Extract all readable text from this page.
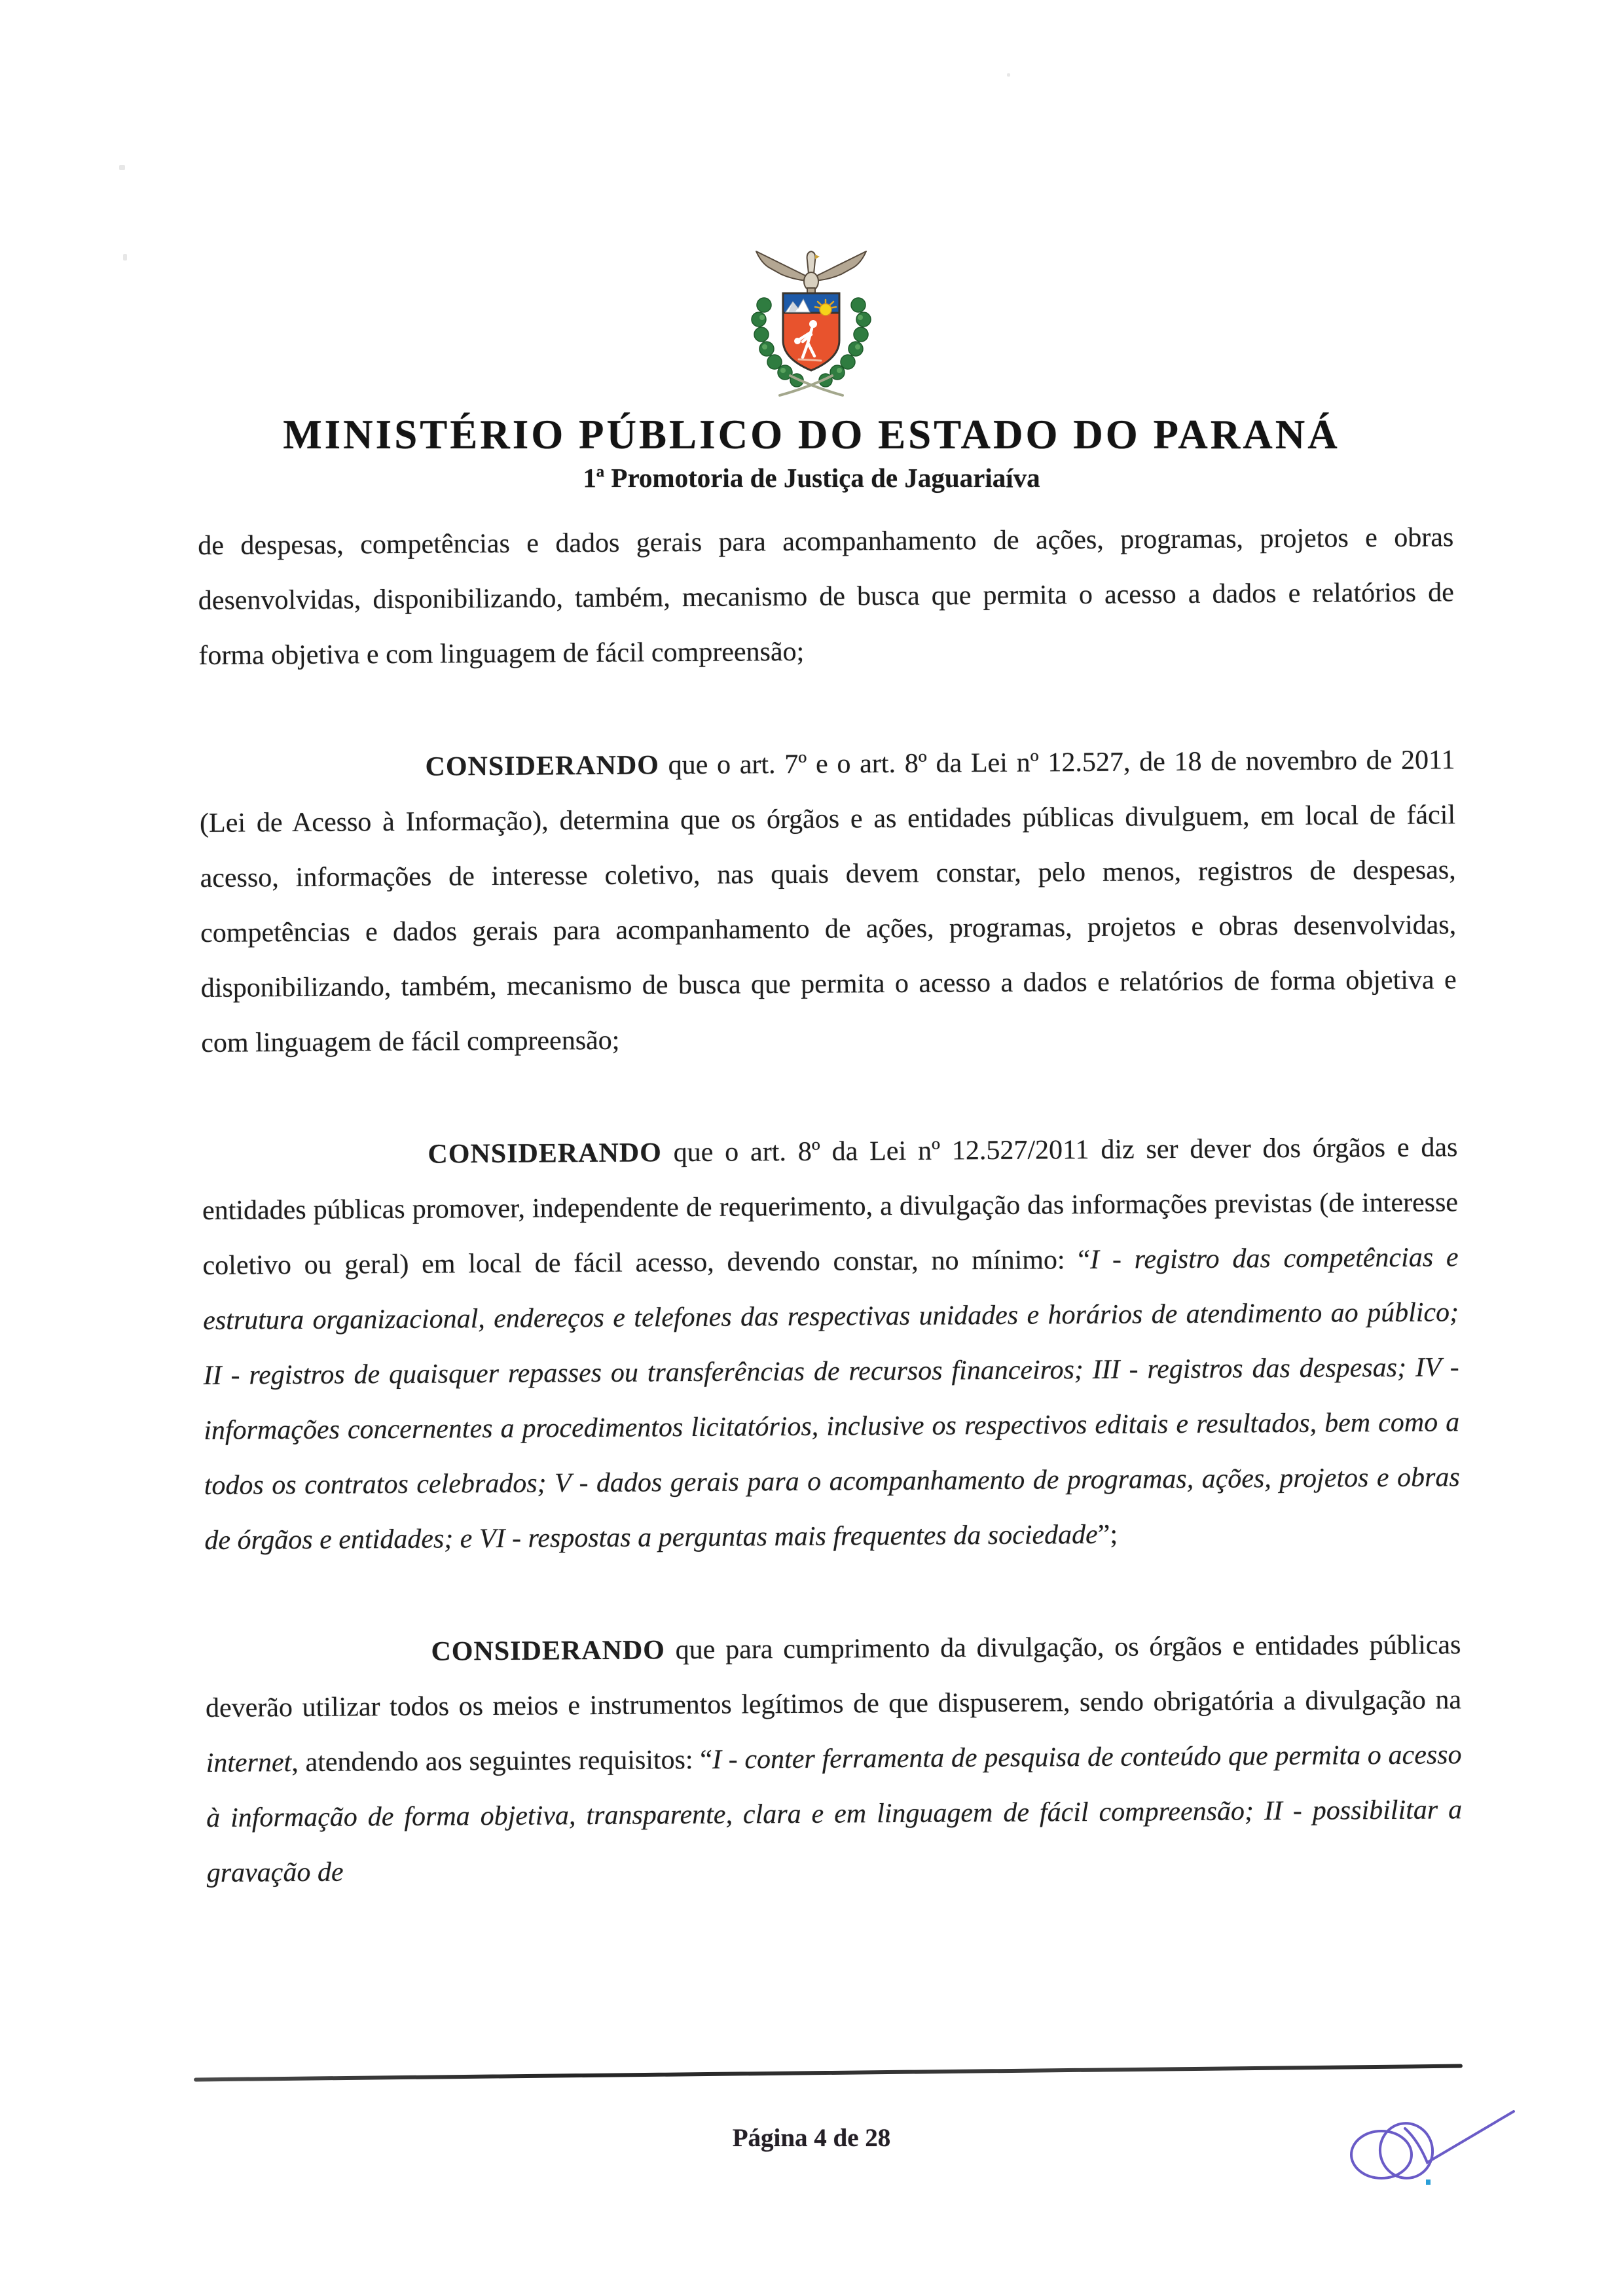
MINISTÉRIO PÚBLICO DO ESTADO DO PARANÁ
1ª Promotoria de Justiça de Jaguariaíva

de despesas, competências e dados gerais para acompanhamento de ações, programas, projetos e obras desenvolvidas, disponibilizando, também, mecanismo de busca que permita o acesso a dados e relatórios de forma objetiva e com linguagem de fácil compreensão;

CONSIDERANDO que o art. 7º e o art. 8º da Lei nº 12.527, de 18 de novembro de 2011 (Lei de Acesso à Informação), determina que os órgãos e as entidades públicas divulguem, em local de fácil acesso, informações de interesse coletivo, nas quais devem constar, pelo menos, registros de despesas, competências e dados gerais para acompanhamento de ações, programas, projetos e obras desenvolvidas, disponibilizando, também, mecanismo de busca que permita o acesso a dados e relatórios de forma objetiva e com linguagem de fácil compreensão;

CONSIDERANDO que o art. 8º da Lei nº 12.527/2011 diz ser dever dos órgãos e das entidades públicas promover, independente de requerimento, a divulgação das informações previstas (de interesse coletivo ou geral) em local de fácil acesso, devendo constar, no mínimo: “I - registro das competências e estrutura organizacional, endereços e telefones das respectivas unidades e horários de atendimento ao público; II - registros de quaisquer repasses ou transferências de recursos financeiros; III - registros das despesas; IV - informações concernentes a procedimentos licitatórios, inclusive os respectivos editais e resultados, bem como a todos os contratos celebrados; V - dados gerais para o acompanhamento de programas, ações, projetos e obras de órgãos e entidades; e VI - respostas a perguntas mais frequentes da sociedade”;

CONSIDERANDO que para cumprimento da divulgação, os órgãos e entidades públicas deverão utilizar todos os meios e instrumentos legítimos de que dispuserem, sendo obrigatória a divulgação na internet, atendendo aos seguintes requisitos: “I - conter ferramenta de pesquisa de conteúdo que permita o acesso à informação de forma objetiva, transparente, clara e em linguagem de fácil compreensão; II - possibilitar a gravação de

Página 4 de 28
